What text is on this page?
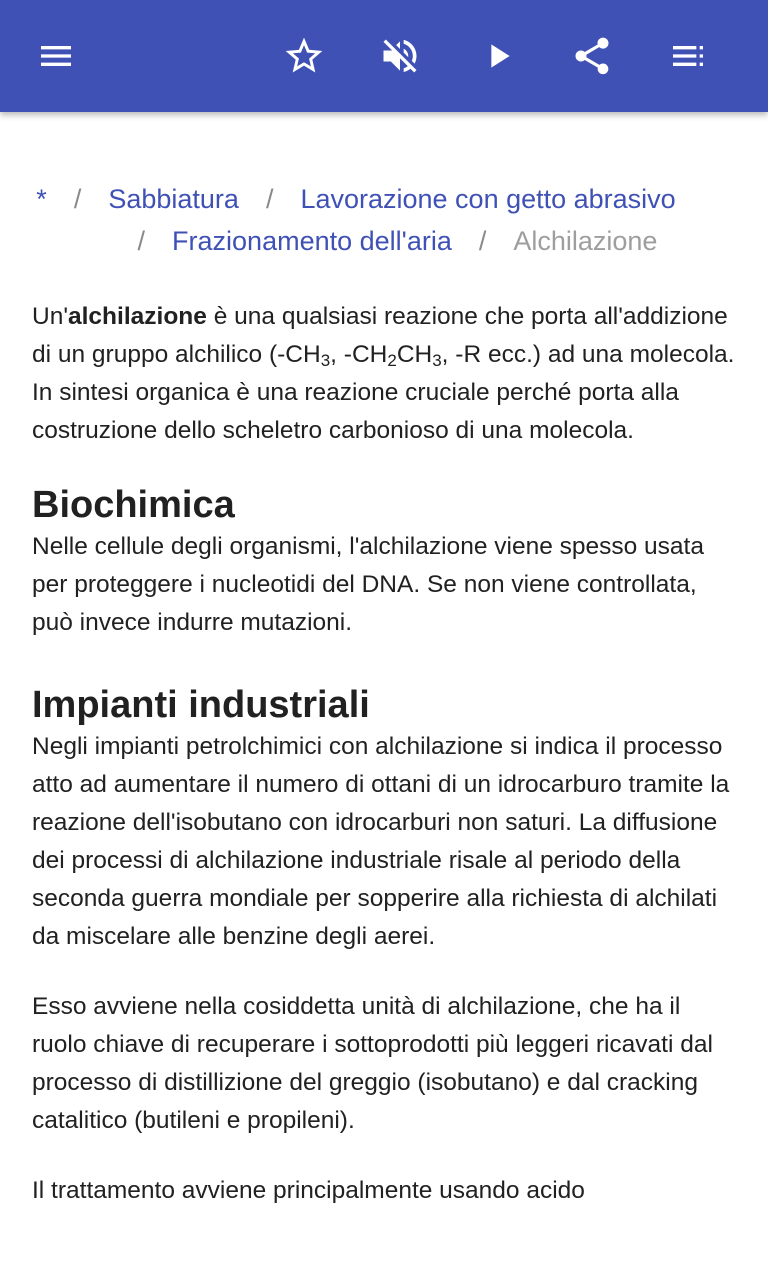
*	/	Sabbiatura	/	Lavorazione con getto abrasivo
/	Frazionamento dell'aria	/	Alchilazione

Un'alchilazione è una qualsiasi reazione che porta all'addizione di un gruppo alchilico ($-CH_3$, $-CH_2CH_3$, -R ecc.) ad una molecola. In sintesi organica è una reazione cruciale perché porta alla costruzione dello scheletro carbonioso di una molecola.

Biochimica

Nelle cellule degli organismi, l'alchilazione viene spesso usata per proteggere i nucleotidi del DNA. Se non viene controllata, può invece indurre mutazioni.

Impianti industriali

Negli impianti petrolchimici con alchilazione si indica il processo atto ad aumentare il numero di ottani di un idrocarburo tramite la reazione dell'isobutano con idrocarburi non saturi. La diffusione dei processi di alchilazione industriale risale al periodo della seconda guerra mondiale per sopperire alla richiesta di alchilati da miscelare alle benzine degli aerei.

Esso avviene nella cosiddetta unità di alchilazione, che ha il ruolo chiave di recuperare i sottoprodotti più leggeri ricavati dal processo di distillizione del greggio (isobutano) e dal cracking catalitico (butileni e propileni).

Il trattamento avviene principalmente usando acido
